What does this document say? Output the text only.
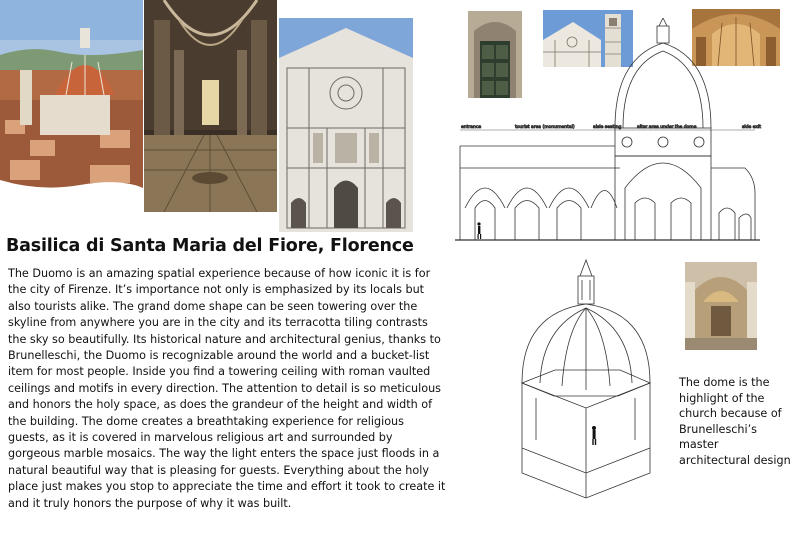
Basilica di Santa Maria del Fiore, Florence
The Duomo is an amazing spatial experience because of how iconic it is for the city of Firenze. It’s importance not only is emphasized by its locals but also tourists alike. The grand dome shape can be seen towering over the skyline from anywhere you are in the city and its terracotta tiling contrasts the sky so beautifully. Its historical nature and architectural genius, thanks to Brunelleschi, the Duomo is recognizable around the world and a bucket-list item for most people. Inside you find a towering ceiling with roman vaulted ceilings and motifs in every direction. The attention to detail is so meticulous and honors the holy space, as does the grandeur of the height and width of the building. The dome creates a breathtaking experience for religious guests, as it is covered in marvelous religious art and surrounded by gorgeous marble mosaics. The way the light enters the space just floods in a natural beautiful way that is pleasing for guests. Everything about the holy place just makes you stop to appreciate the time and effort it took to create it and it truly honors the purpose of why it was built.
entrance	tourist area (monumental)	aisle seating	altar area under the dome	side exit
The dome is the highlight of the church because of Brunelleschi’s master architectural design
